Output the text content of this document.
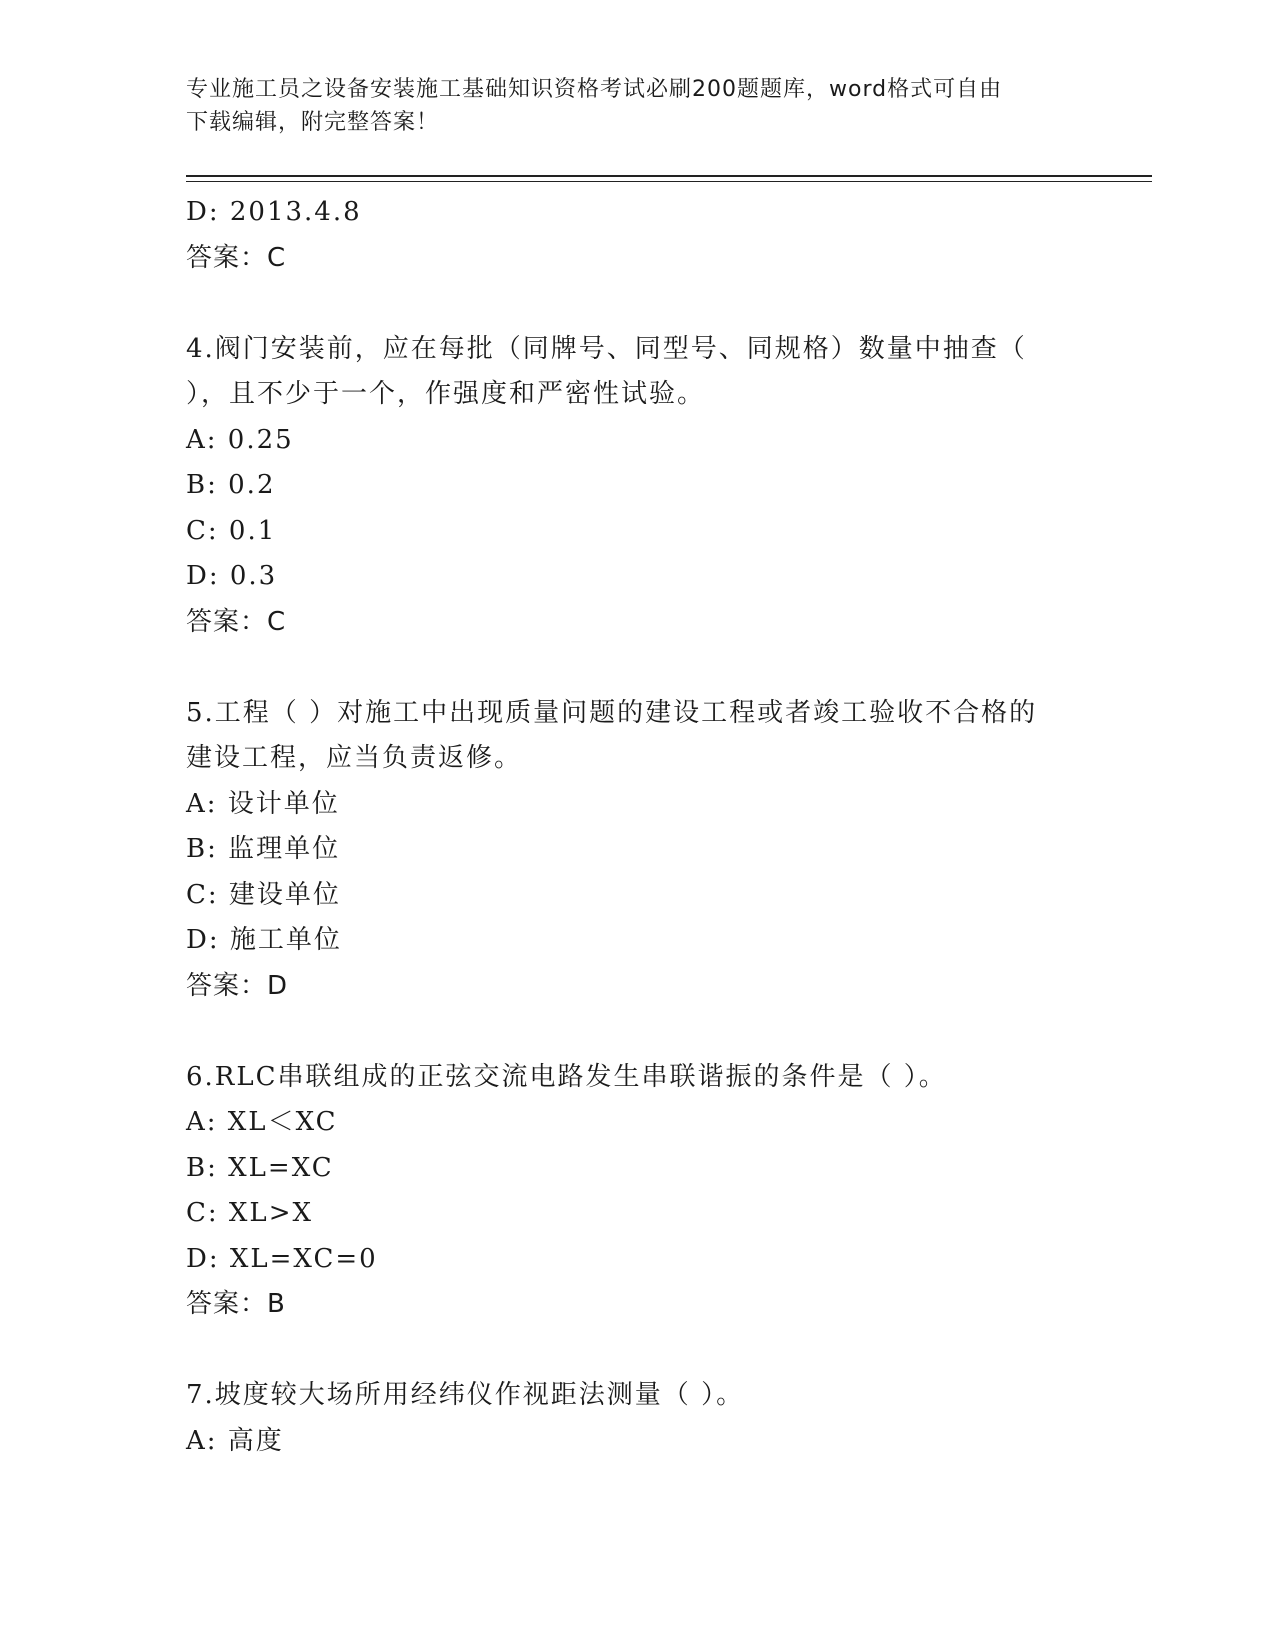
专业施工员之设备安装施工基础知识资格考试必刷200题题库，word格式可自由
下载编辑，附完整答案！
D: 2013.4.8
答案：C
4.阀门安装前，应在每批（同牌号、同型号、同规格）数量中抽查（
），且不少于一个，作强度和严密性试验。
A: 0.25
B: 0.2
C: 0.1
D: 0.3
答案：C
5.工程（ ）对施工中出现质量问题的建设工程或者竣工验收不合格的
建设工程，应当负责返修。
A: 设计单位
B: 监理单位
C: 建设单位
D: 施工单位
答案：D
6.RLC串联组成的正弦交流电路发生串联谐振的条件是（ ）。
A: XL＜XC
B: XL=XC
C: XL>X
D: XL=XC=0
答案：B
7.坡度较大场所用经纬仪作视距法测量（ ）。
A: 高度
